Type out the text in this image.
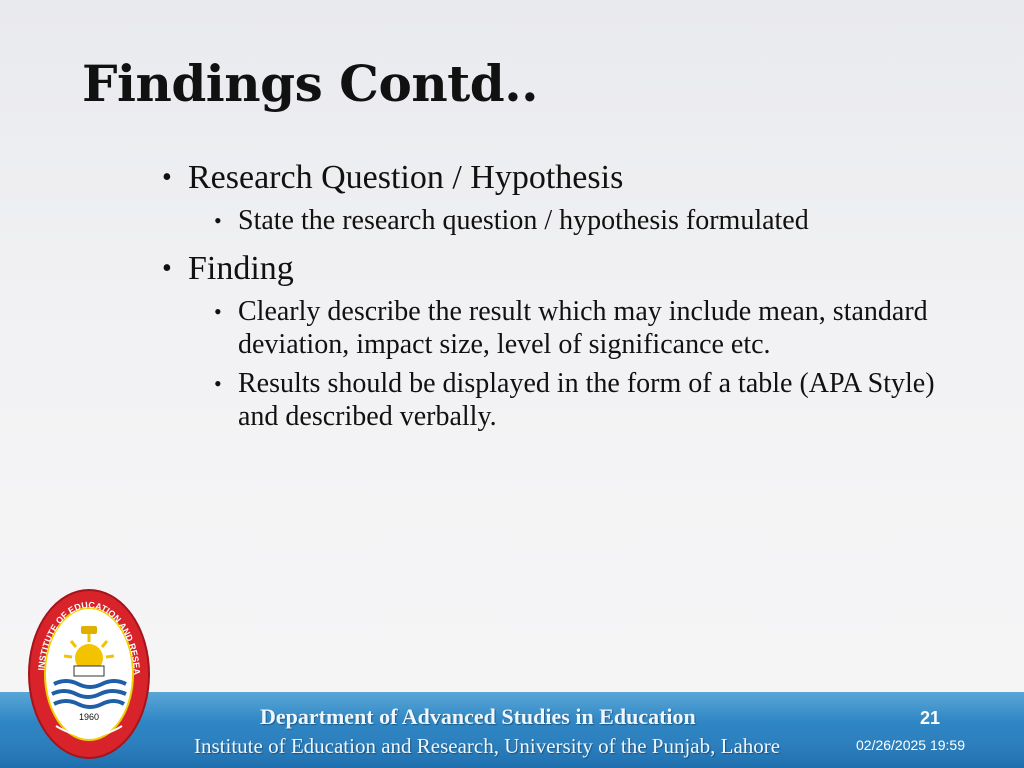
Findings Contd..
• Research Question / Hypothesis
• State the research question / hypothesis formulated
• Finding
• Clearly describe the result which may include mean, standard deviation, impact size, level of significance etc.
• Results should be displayed in the form of a table (APA Style) and described verbally.
Department of Advanced Studies in Education
Institute of Education and Research, University of the Punjab, Lahore
21
02/26/2025 19:59
INSTITUTE OF EDUCATION AND RESEA
1960
